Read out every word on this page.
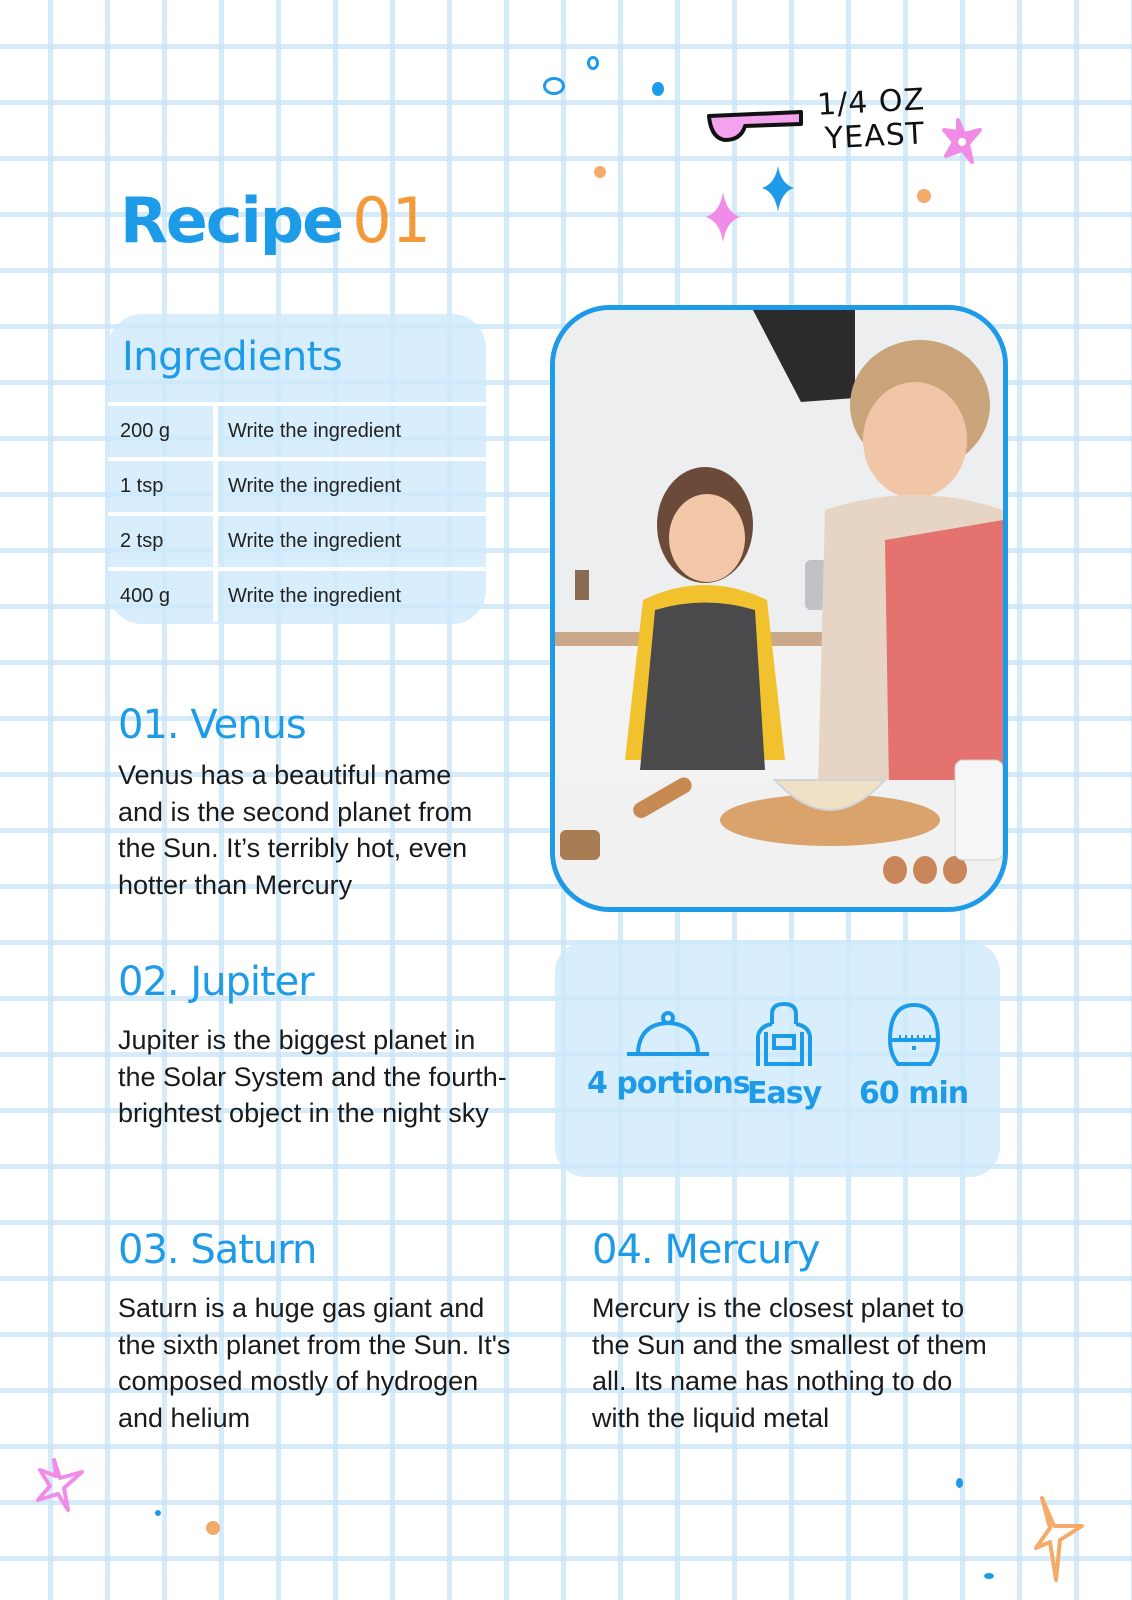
1/4 OZ
YEAST
Recipe 01
Ingredients
200 g	Write the ingredient
1 tsp	Write the ingredient
2 tsp	Write the ingredient
400 g	Write the ingredient
4 portions
Easy 60 min
01. Venus
Venus has a beautiful name and is the second planet from the Sun. It’s terribly hot, even hotter than Mercury
02. Jupiter
Jupiter is the biggest planet in the Solar System and the fourth-brightest object in the night sky
03. Saturn
Saturn is a huge gas giant and the sixth planet from the Sun. It's composed mostly of hydrogen and helium
04. Mercury
Mercury is the closest planet to the Sun and the smallest of them all. Its name has nothing to do with the liquid metal
